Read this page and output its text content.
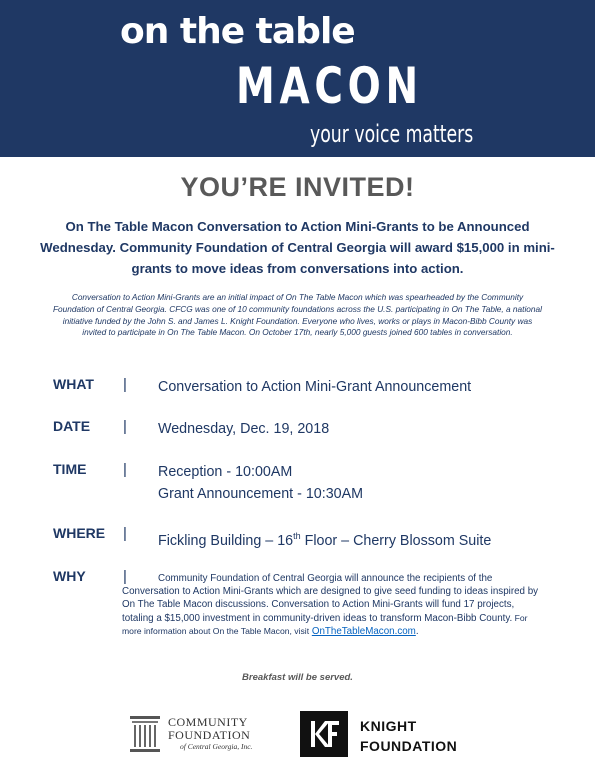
on the table
MACON
your voice matters
YOU’RE INVITED!
On The Table Macon Conversation to Action Mini-Grants to be Announced Wednesday. Community Foundation of Central Georgia will award $15,000 in mini-grants to move ideas from conversations into action.
Conversation to Action Mini-Grants are an initial impact of On The Table Macon which was spearheaded by the Community Foundation of Central Georgia. CFCG was one of 10 community foundations across the U.S. participating in On The Table, a national initiative funded by the John S. and James L. Knight Foundation. Everyone who lives, works or plays in Macon-Bibb County was invited to participate in On The Table Macon. On October 17th, nearly 5,000 guests joined 600 tables in conversation.
WHAT | Conversation to Action Mini-Grant Announcement
DATE | Wednesday, Dec. 19, 2018
TIME | Reception - 10:00AM
Grant Announcement - 10:30AM
WHERE | Fickling Building – 16th Floor – Cherry Blossom Suite
WHY |	Community Foundation of Central Georgia will announce the recipients of the Conversation to Action Mini-Grants which are designed to give seed funding to ideas inspired by On The Table Macon discussions. Conversation to Action Mini-Grants will fund 17 projects, totaling a $15,000 investment in community-driven ideas to transform Macon-Bibb County. For more information about On the Table Macon, visit OnTheTableMacon.com.
Breakfast will be served.
COMMUNITY
FOUNDATION
of Central Georgia, Inc.
KNIGHT
FOUNDATION
